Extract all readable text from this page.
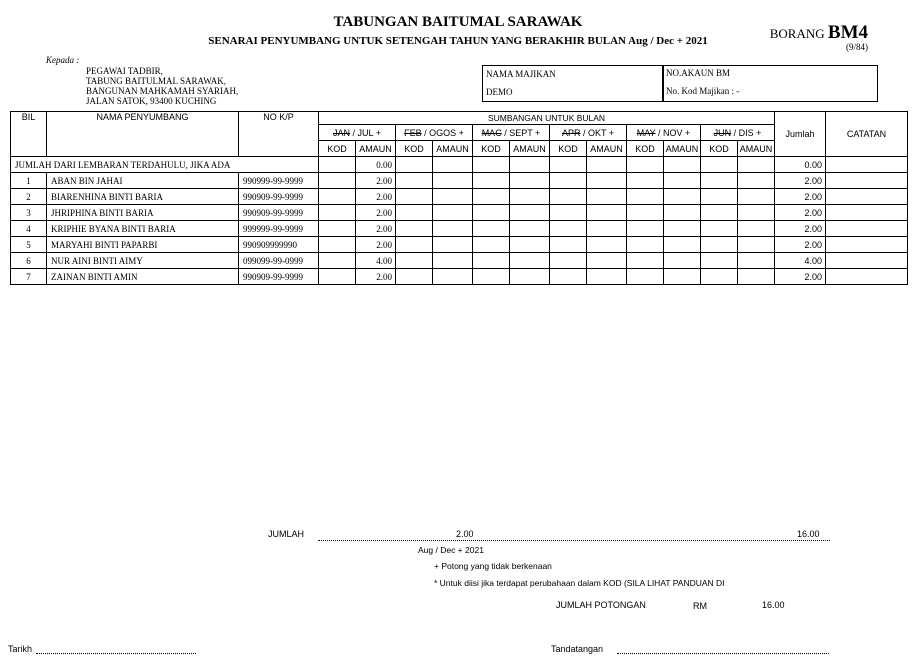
TABUNGAN BAITUMAL SARAWAK
SENARAI PENYUMBANG UNTUK SETENGAH TAHUN YANG BERAKHIR BULAN Aug / Dec + 2021	BORANG BM4
(9/84)
Kepada :
PEGAWAI TADBIR,
TABUNG BAITULMAL SARAWAK,
BANGUNAN MAHKAMAH SYARIAH,
JALAN SATOK, 93400 KUCHING
NAMA MAJIKAN
DEMO
NO.AKAUN BM
No. Kod Majikan : -
BIL	NAMA PENYUMBANG	NO K/P	SUMBANGAN UNTUK BULAN												Jumlah	CATATAN
			JAN / JUL +		FEB / OGOS +		MAC / SEPT +		APR / OKT +		MAY / NOV +		JUN / DIS +			
			KOD	AMAUN	KOD	AMAUN	KOD	AMAUN	KOD	AMAUN	KOD	AMAUN	KOD	AMAUN		
JUMLAH DARI LEMBARAN TERDAHULU, JIKA ADA				0.00											0.00	
1	ABAN BIN JAHAI	990999-99-9999		2.00											2.00	
2	BIARENHINA BINTI BARIA	990909-99-9999		2.00											2.00	
3	JHRIPHINA BINTI BARIA	990909-99-9999		2.00											2.00	
4	KRIPHIE BYANA BINTI BARIA	999999-99-9999		2.00											2.00	
5	MARYAHI BINTI PAPARBI	990909999990		2.00											2.00	
6	NUR AINI BINTI AIMY	099099-99-0999		4.00											4.00	
7	ZAINAN BINTI AMIN	990909-99-9999		2.00											2.00	
JUMLAH	2.00	16.00
Aug / Dec + 2021
+ Potong yang tidak berkenaan
* Untuk diisi jika terdapat perubahaan dalam KOD (SILA LIHAT PANDUAN DI
JUMLAH POTONGAN	RM	16.00
Tarikh	Tandatangan
